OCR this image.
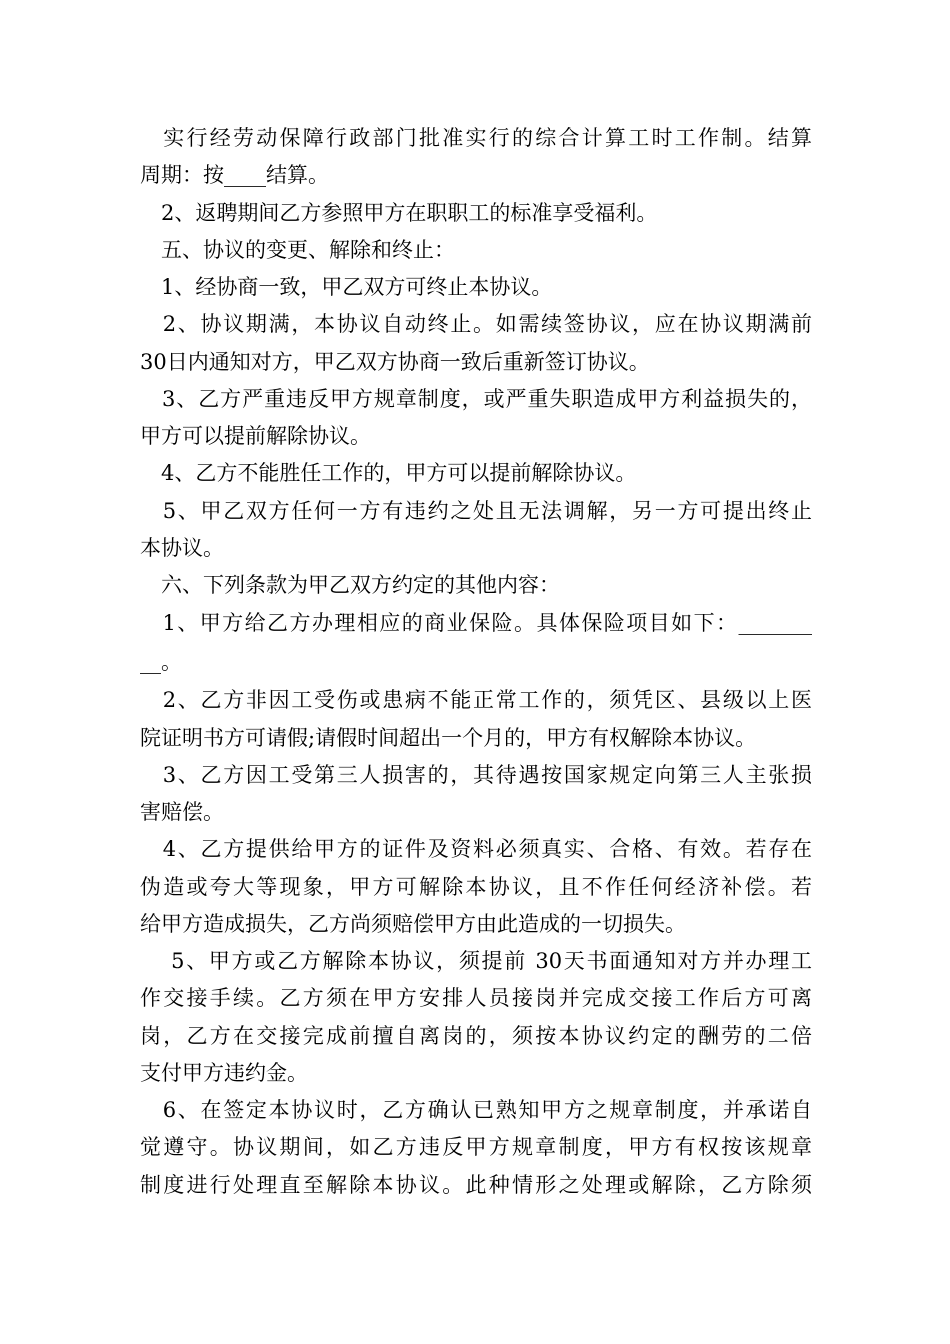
　实行经劳动保障行政部门批准实行的综合计算工时工作制。结算
周期：按____结算。
　2、返聘期间乙方参照甲方在职职工的标准享受福利。
　五、协议的变更、解除和终止：
　1、经协商一致，甲乙双方可终止本协议。
　2、协议期满，本协议自动终止。如需续签协议，应在协议期满前
30日内通知对方，甲乙双方协商一致后重新签订协议。
　3、乙方严重违反甲方规章制度，或严重失职造成甲方利益损失的，
甲方可以提前解除协议。
　4、乙方不能胜任工作的，甲方可以提前解除协议。
　5、甲乙双方任何一方有违约之处且无法调解，另一方可提出终止
本协议。
　六、下列条款为甲乙双方约定的其他内容：
　1、甲方给乙方办理相应的商业保险。具体保险项目如下：_______
__。
　2、乙方非因工受伤或患病不能正常工作的，须凭区、县级以上医
院证明书方可请假;请假时间超出一个月的，甲方有权解除本协议。
　3、乙方因工受第三人损害的，其待遇按国家规定向第三人主张损
害赔偿。
　4、乙方提供给甲方的证件及资料必须真实、合格、有效。若存在
伪造或夸大等现象，甲方可解除本协议，且不作任何经济补偿。若
给甲方造成损失，乙方尚须赔偿甲方由此造成的一切损失。
　 5、甲方或乙方解除本协议，须提前 30天书面通知对方并办理工
作交接手续。乙方须在甲方安排人员接岗并完成交接工作后方可离
岗，乙方在交接完成前擅自离岗的，须按本协议约定的酬劳的二倍
支付甲方违约金。
　6、在签定本协议时，乙方确认已熟知甲方之规章制度，并承诺自
觉遵守。协议期间，如乙方违反甲方规章制度，甲方有权按该规章
制度进行处理直至解除本协议。此种情形之处理或解除，乙方除须
